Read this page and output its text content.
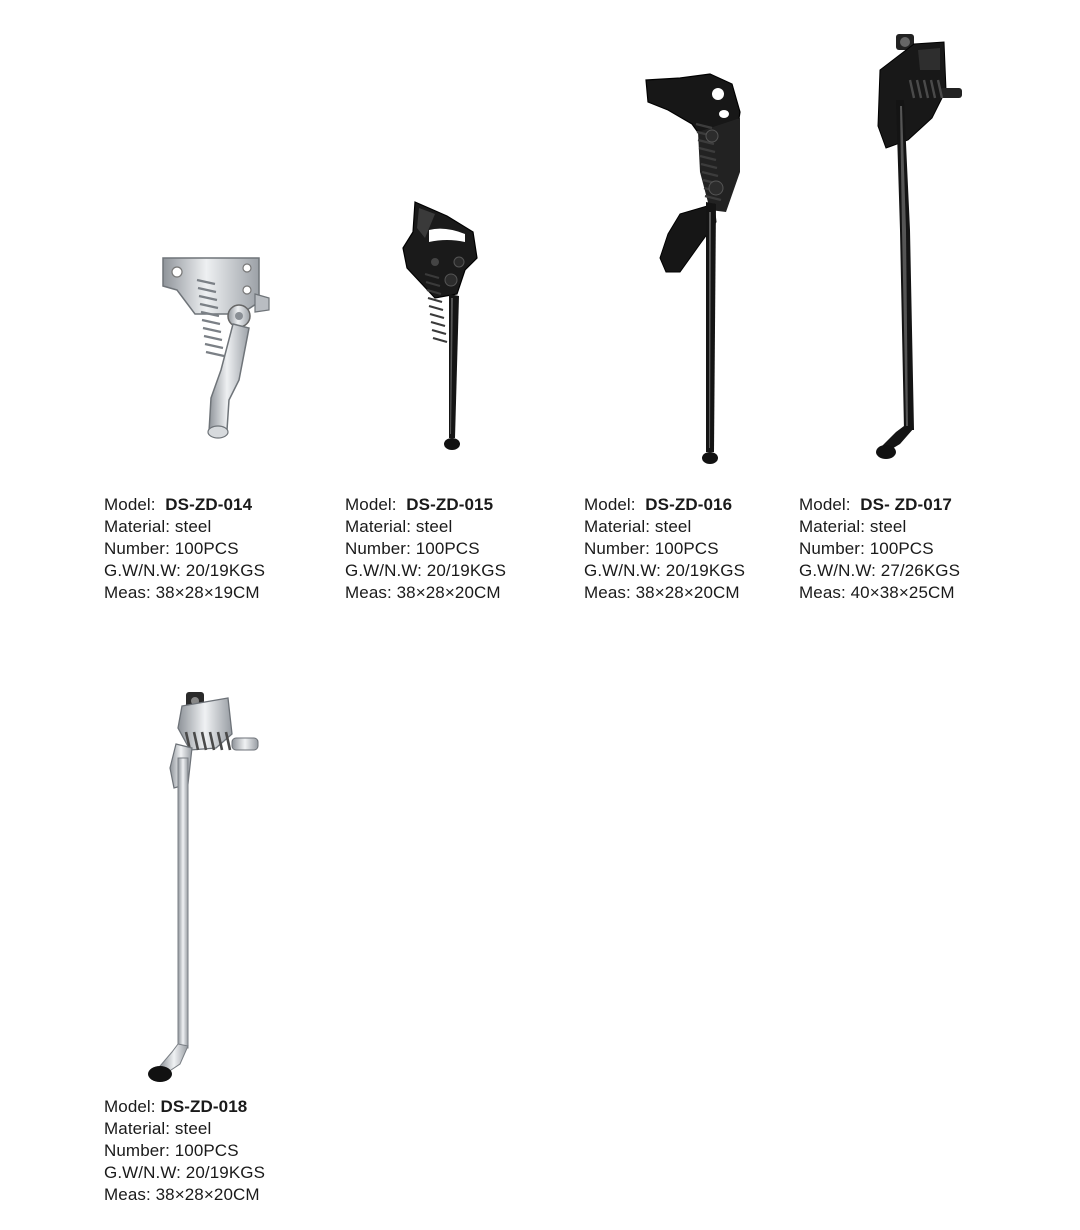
Model: DS-ZD-014
Material: steel
Number: 100PCS
G.W/N.W: 20/19KGS
Meas: 38×28×19CM
Model: DS-ZD-015
Material: steel
Number: 100PCS
G.W/N.W: 20/19KGS
Meas: 38×28×20CM
Model: DS-ZD-016
Material: steel
Number: 100PCS
G.W/N.W: 20/19KGS
Meas: 38×28×20CM
Model: DS- ZD-017
Material: steel
Number: 100PCS
G.W/N.W: 27/26KGS
Meas: 40×38×25CM
Model: DS-ZD-018
Material: steel
Number: 100PCS
G.W/N.W: 20/19KGS
Meas: 38×28×20CM
